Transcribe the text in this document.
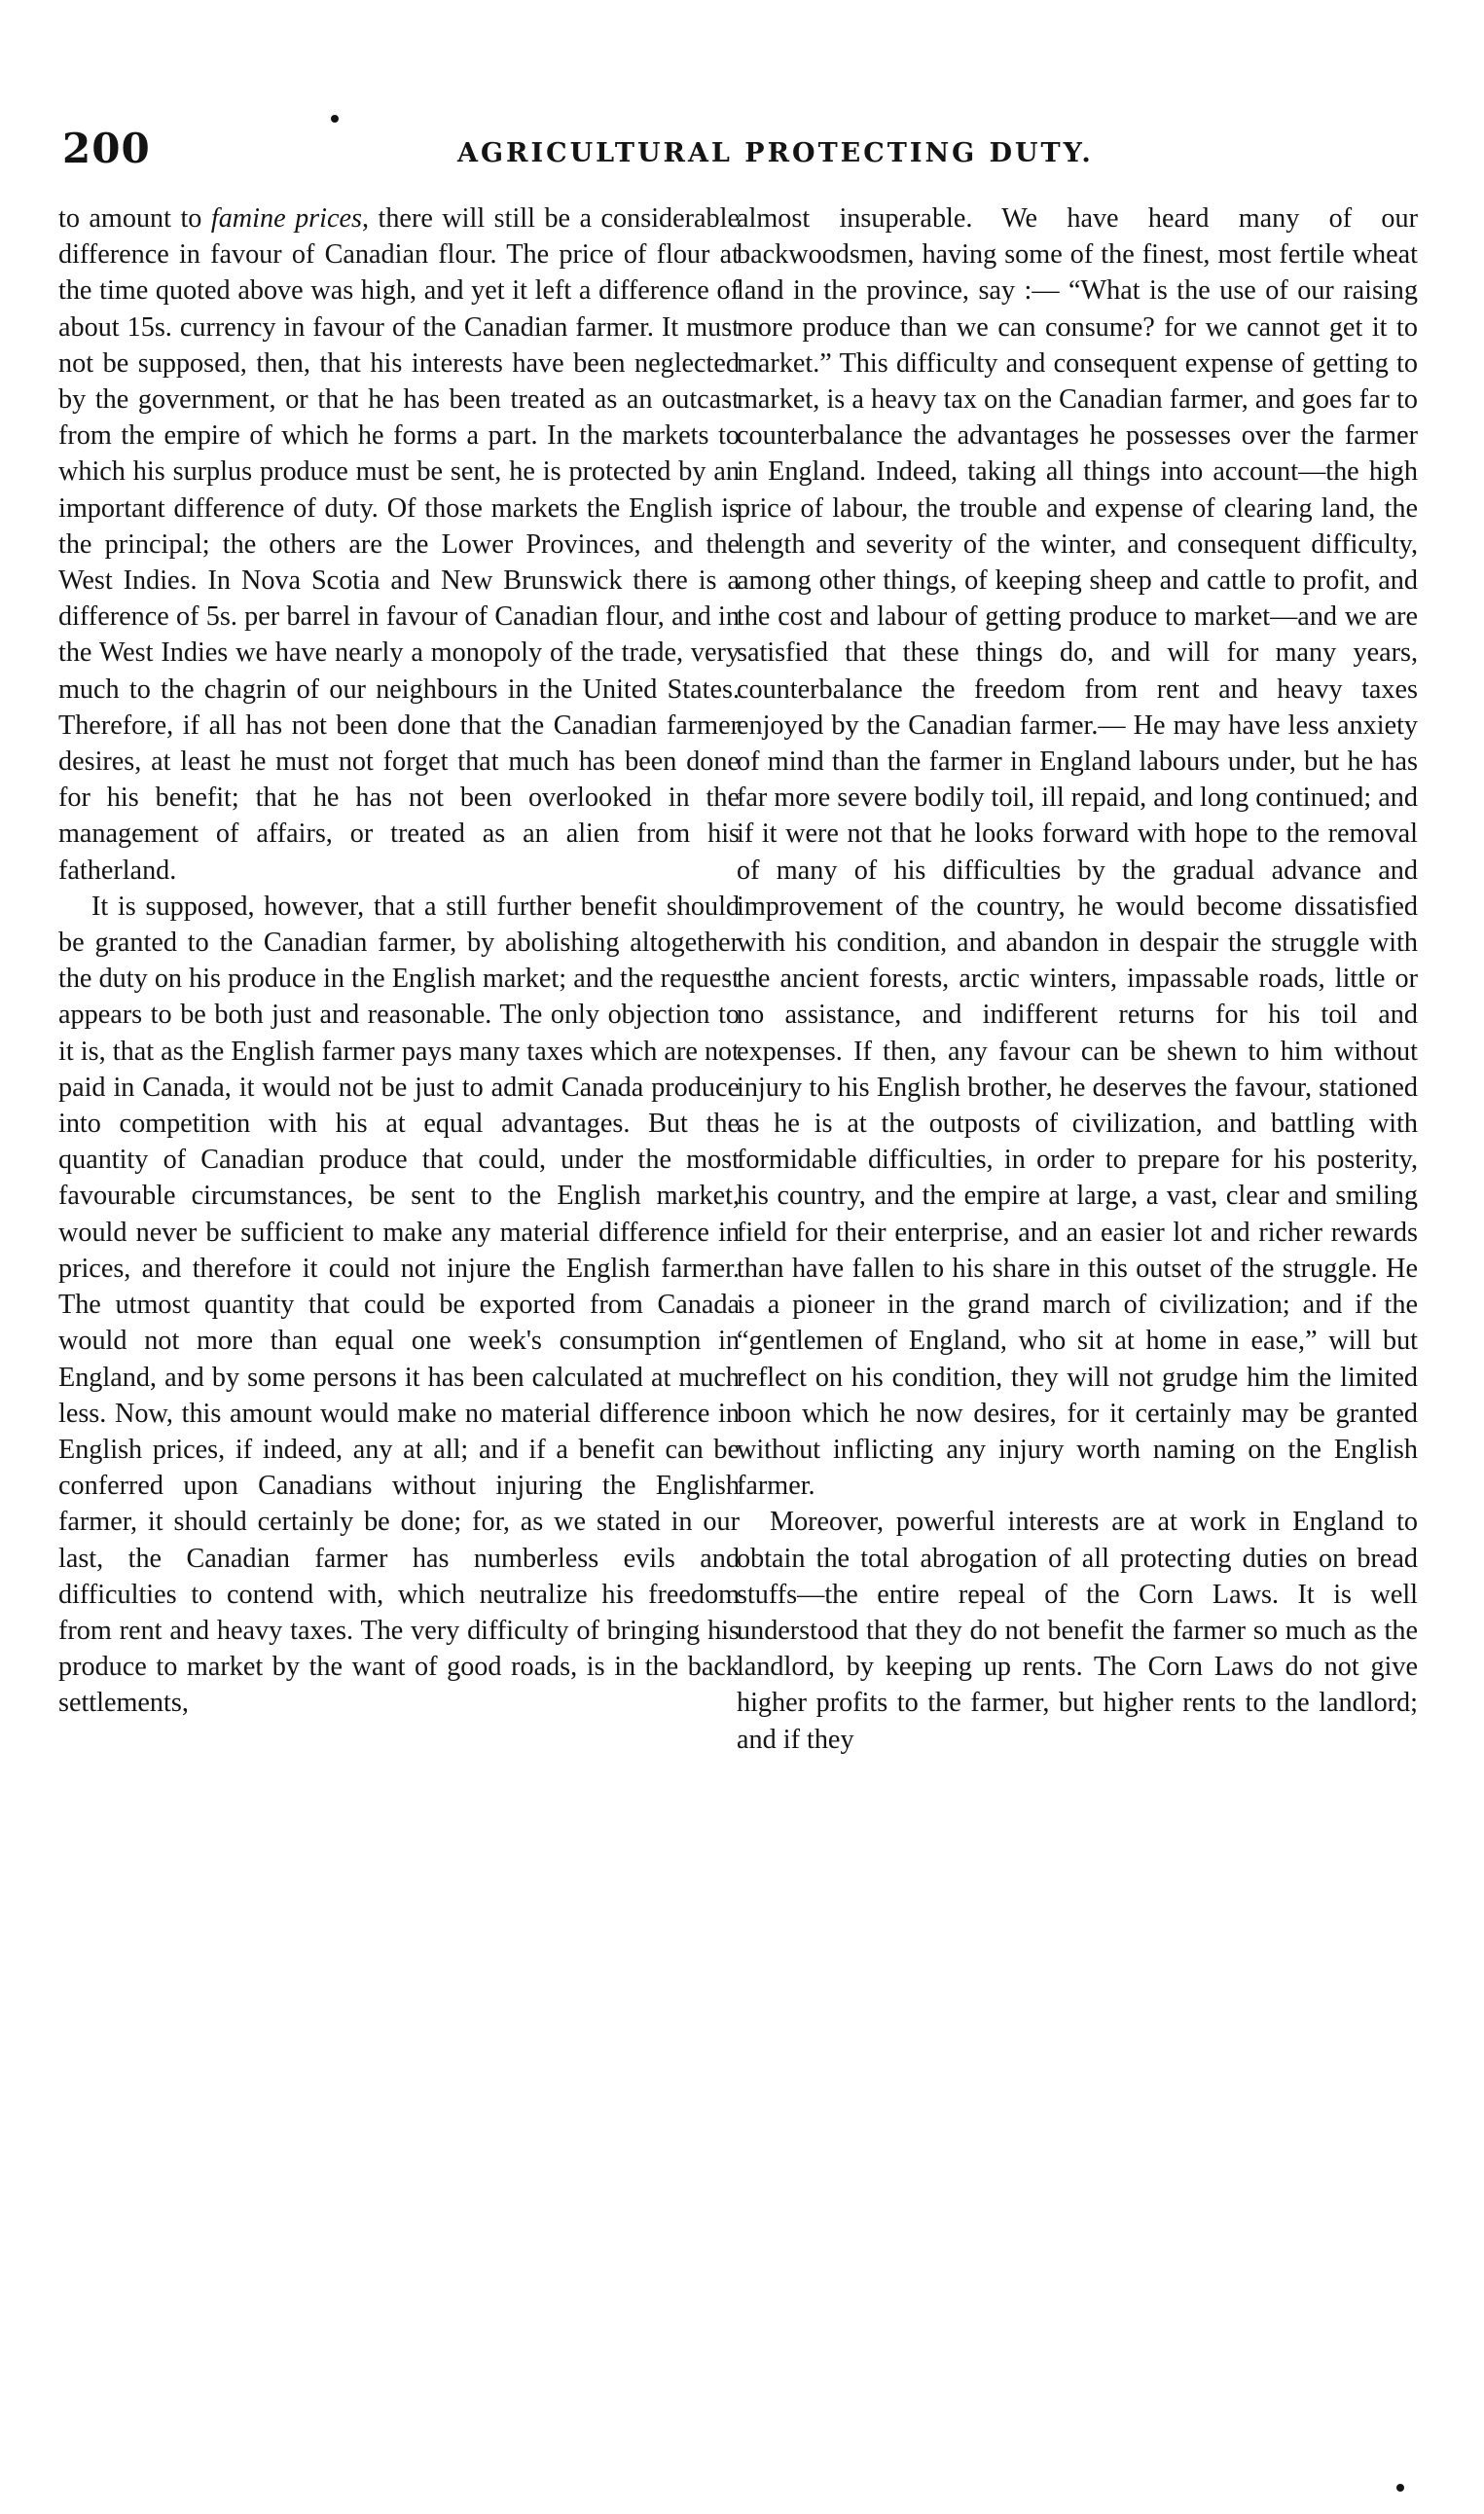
200	AGRICULTURAL PROTECTING DUTY.

to amount to famine prices, there will still be a considerable difference in favour of Canadian flour. The price of flour at the time quoted above was high, and yet it left a difference of about 15s. currency in favour of the Canadian farmer. It must not be supposed, then, that his interests have been neglected by the government, or that he has been treated as an outcast from the empire of which he forms a part. In the markets to which his surplus produce must be sent, he is protected by an important difference of duty. Of those markets the English is the principal; the others are the Lower Provinces, and the West Indies. In Nova Scotia and New Brunswick there is a difference of 5s. per barrel in favour of Canadian flour, and in the West Indies we have nearly a monopoly of the trade, very much to the chagrin of our neighbours in the United States. Therefore, if all has not been done that the Canadian farmer desires, at least he must not forget that much has been done for his benefit; that he has not been overlooked in the management of affairs, or treated as an alien from his fatherland.

It is supposed, however, that a still further benefit should be granted to the Canadian farmer, by abolishing altogether the duty on his produce in the English market; and the request appears to be both just and reasonable. The only objection to it is, that as the English farmer pays many taxes which are not paid in Canada, it would not be just to admit Canada produce into competition with his at equal advantages. But the quantity of Canadian produce that could, under the most favourable circumstances, be sent to the English market, would never be sufficient to make any material difference in prices, and therefore it could not injure the English farmer. The utmost quantity that could be exported from Canada would not more than equal one week's consumption in England, and by some persons it has been calculated at much less. Now, this amount would make no material difference in English prices, if indeed, any at all; and if a benefit can be conferred upon Canadians without injuring the English farmer, it should certainly be done; for, as we stated in our last, the Canadian farmer has numberless evils and difficulties to contend with, which neutralize his freedom from rent and heavy taxes. The very difficulty of bringing his produce to market by the want of good roads, is in the back settlements,

almost insuperable. We have heard many of our backwoodsmen, having some of the finest, most fertile wheat land in the province, say :— “What is the use of our raising more produce than we can consume? for we cannot get it to market.” This difficulty and consequent expense of getting to market, is a heavy tax on the Canadian farmer, and goes far to counterbalance the advantages he possesses over the farmer in England. Indeed, taking all things into account—the high price of labour, the trouble and expense of clearing land, the length and severity of the winter, and consequent difficulty, among other things, of keeping sheep and cattle to profit, and the cost and labour of getting produce to market—and we are satisfied that these things do, and will for many years, counterbalance the freedom from rent and heavy taxes enjoyed by the Canadian farmer.— He may have less anxiety of mind than the farmer in England labours under, but he has far more severe bodily toil, ill repaid, and long continued; and if it were not that he looks forward with hope to the removal of many of his difficulties by the gradual advance and improvement of the country, he would become dissatisfied with his condition, and abandon in despair the struggle with the ancient forests, arctic winters, impassable roads, little or no assistance, and indifferent returns for his toil and expenses. If then, any favour can be shewn to him without injury to his English brother, he deserves the favour, stationed as he is at the outposts of civilization, and battling with formidable difficulties, in order to prepare for his posterity, his country, and the empire at large, a vast, clear and smiling field for their enterprise, and an easier lot and richer rewards than have fallen to his share in this outset of the struggle. He is a pioneer in the grand march of civilization; and if the “gentlemen of England, who sit at home in ease,” will but reflect on his condition, they will not grudge him the limited boon which he now desires, for it certainly may be granted without inflicting any injury worth naming on the English farmer.

Moreover, powerful interests are at work in England to obtain the total abrogation of all protecting duties on bread stuffs—the entire repeal of the Corn Laws. It is well understood that they do not benefit the farmer so much as the landlord, by keeping up rents. The Corn Laws do not give higher profits to the farmer, but higher rents to the landlord; and if they
